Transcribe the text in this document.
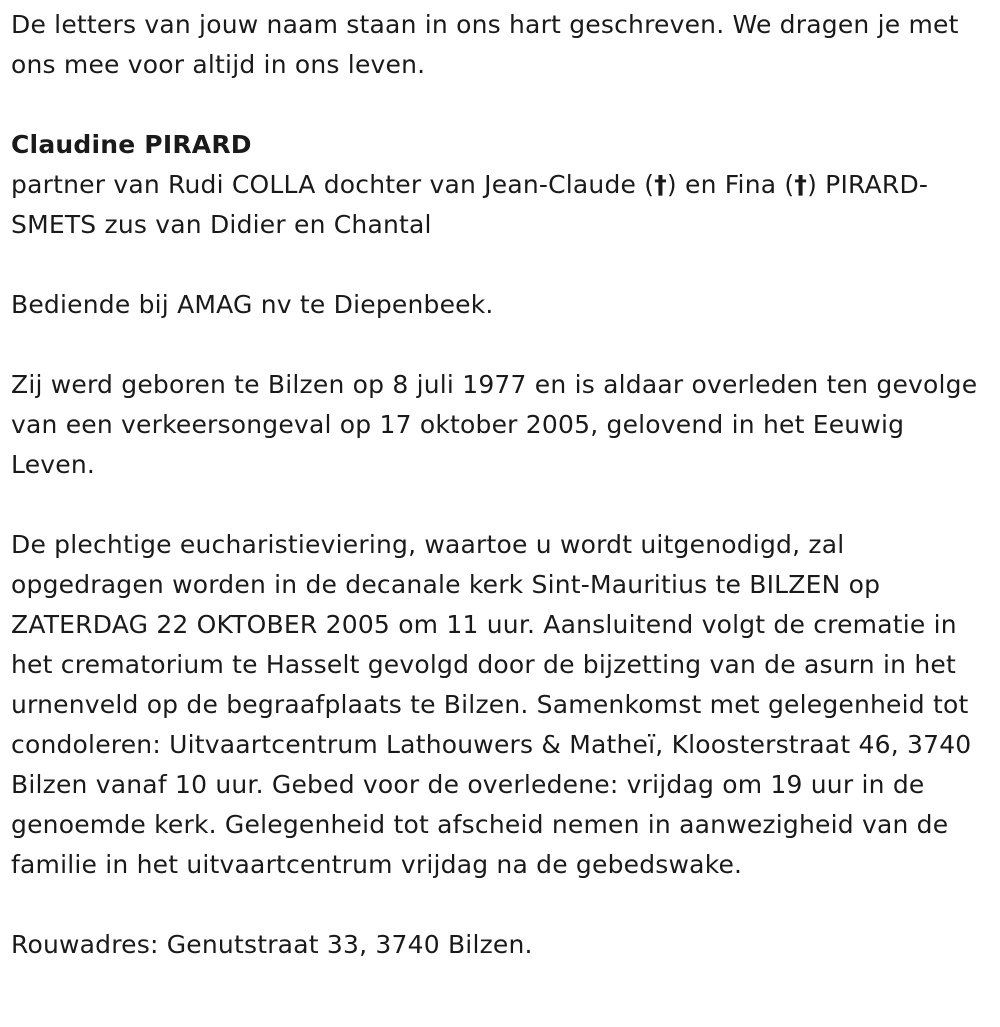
De letters van jouw naam staan in ons hart geschreven. We dragen je met ons mee voor altijd in ons leven.

Claudine PIRARD

partner van Rudi COLLA dochter van Jean-Claude (†) en Fina (†) PIRARD-SMETS zus van Didier en Chantal

Bediende bij AMAG nv te Diepenbeek.

Zij werd geboren te Bilzen op 8 juli 1977 en is aldaar overleden ten gevolge van een verkeersongeval op 17 oktober 2005, gelovend in het Eeuwig Leven.

De plechtige eucharistieviering, waartoe u wordt uitgenodigd, zal opgedragen worden in de decanale kerk Sint-Mauritius te BILZEN op ZATERDAG 22 OKTOBER 2005 om 11 uur. Aansluitend volgt de crematie in het crematorium te Hasselt gevolgd door de bijzetting van de asurn in het urnenveld op de begraafplaats te Bilzen. Samenkomst met gelegenheid tot condoleren: Uitvaartcentrum Lathouwers & Matheï, Kloosterstraat 46, 3740 Bilzen vanaf 10 uur. Gebed voor de overledene: vrijdag om 19 uur in de genoemde kerk. Gelegenheid tot afscheid nemen in aanwezigheid van de familie in het uitvaartcentrum vrijdag na de gebedswake.

Rouwadres: Genutstraat 33, 3740 Bilzen.
